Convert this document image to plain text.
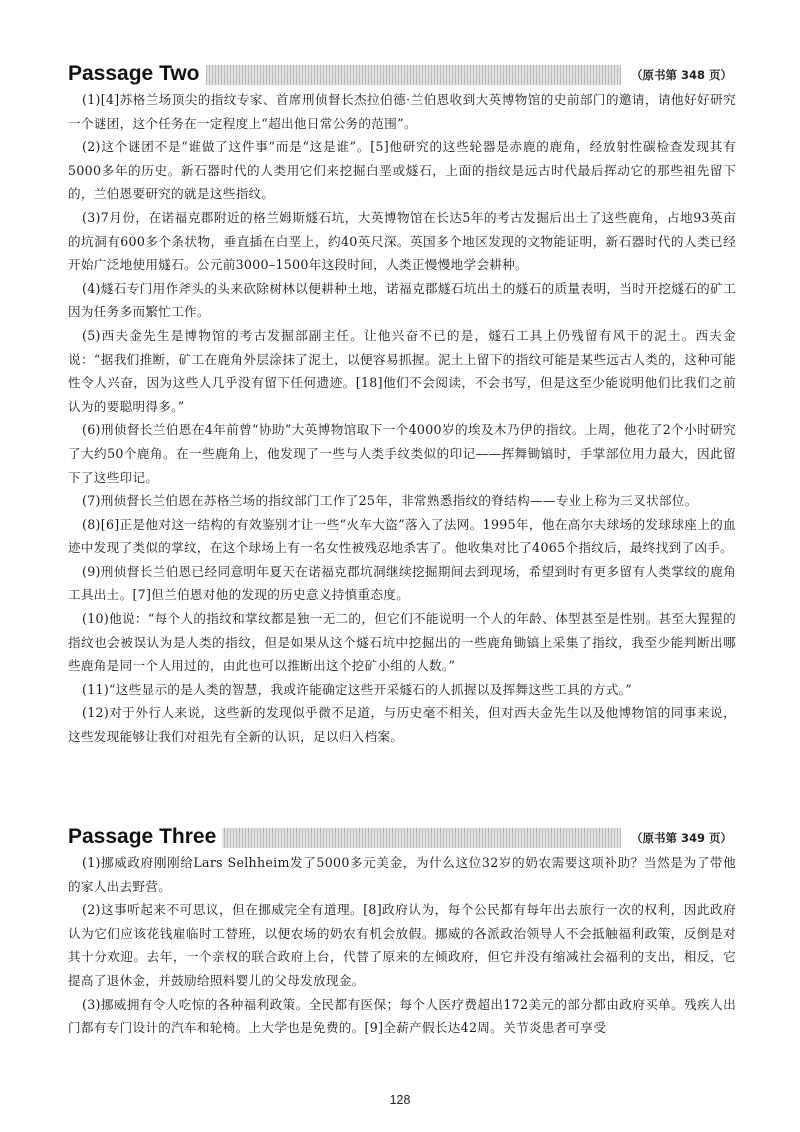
Passage Two	（原书第 348 页）

(1)[4]苏格兰场顶尖的指纹专家、首席刑侦督长杰拉伯德·兰伯恩收到大英博物馆的史前部门的邀请，请他好好研究一个谜团，这个任务在一定程度上“超出他日常公务的范围”。

(2)这个谜团不是“谁做了这件事”而是“这是谁”。[5]他研究的这些轮器是赤鹿的鹿角，经放射性碳检查发现其有5000多年的历史。新石器时代的人类用它们来挖掘白垩或燧石，上面的指纹是远古时代最后挥动它的那些祖先留下的，兰伯恩要研究的就是这些指纹。

(3)7月份，在诺福克郡附近的格兰姆斯燧石坑，大英博物馆在长达5年的考古发掘后出土了这些鹿角，占地93英亩的坑洞有600多个条状物，垂直插在白垩上，约40英尺深。英国多个地区发现的文物能证明，新石器时代的人类已经开始广泛地使用燧石。公元前3000–1500年这段时间，人类正慢慢地学会耕种。

(4)燧石专门用作斧头的头来砍除树林以便耕种土地，诺福克郡燧石坑出土的燧石的质量表明，当时开挖燧石的矿工因为任务多而繁忙工作。

(5)西夫金先生是博物馆的考古发掘部副主任。让他兴奋不已的是，燧石工具上仍残留有风干的泥土。西夫金说：“据我们推断，矿工在鹿角外层涂抹了泥土，以便容易抓握。泥土上留下的指纹可能是某些远古人类的，这种可能性令人兴奋，因为这些人几乎没有留下任何遗迹。[18]他们不会阅读，不会书写，但是这至少能说明他们比我们之前认为的要聪明得多。”

(6)刑侦督长兰伯恩在4年前曾“协助”大英博物馆取下一个4000岁的埃及木乃伊的指纹。上周，他花了2个小时研究了大约50个鹿角。在一些鹿角上，他发现了一些与人类手纹类似的印记——挥舞锄镐时，手掌部位用力最大，因此留下了这些印记。

(7)刑侦督长兰伯恩在苏格兰场的指纹部门工作了25年，非常熟悉指纹的脊结构——专业上称为三叉状部位。

(8)[6]正是他对这一结构的有效鉴别才让一些“火车大盗”落入了法网。1995年，他在高尔夫球场的发球球座上的血迹中发现了类似的掌纹，在这个球场上有一名女性被残忍地杀害了。他收集对比了4065个指纹后，最终找到了凶手。

(9)刑侦督长兰伯恩已经同意明年夏天在诺福克郡坑洞继续挖掘期间去到现场，希望到时有更多留有人类掌纹的鹿角工具出土。[7]但兰伯恩对他的发现的历史意义持慎重态度。

(10)他说：“每个人的指纹和掌纹都是独一无二的，但它们不能说明一个人的年龄、体型甚至是性别。甚至大猩猩的指纹也会被误认为是人类的指纹，但是如果从这个燧石坑中挖掘出的一些鹿角锄镐上采集了指纹，我至少能判断出哪些鹿角是同一个人用过的，由此也可以推断出这个挖矿小组的人数。”

(11)“这些显示的是人类的智慧，我或许能确定这些开采燧石的人抓握以及挥舞这些工具的方式。”

(12)对于外行人来说，这些新的发现似乎微不足道，与历史毫不相关，但对西夫金先生以及他博物馆的同事来说，这些发现能够让我们对祖先有全新的认识，足以归入档案。

Passage Three	（原书第 349 页）

(1)挪威政府刚刚给Lars Selhheim发了5000多元美金，为什么这位32岁的奶农需要这项补助？当然是为了带他的家人出去野营。

(2)这事听起来不可思议，但在挪威完全有道理。[8]政府认为，每个公民都有每年出去旅行一次的权利，因此政府认为它们应该花钱雇临时工替班，以便农场的奶农有机会放假。挪威的各派政治领导人不会抵触福利政策，反倒是对其十分欢迎。去年，一个亲权的联合政府上台，代替了原来的左倾政府，但它并没有缩减社会福利的支出，相反，它提高了退休金，并鼓励给照料婴儿的父母发放现金。

(3)挪威拥有令人吃惊的各种福利政策。全民都有医保；每个人医疗费超出172美元的部分都由政府买单。残疾人出门都有专门设计的汽车和轮椅。上大学也是免费的。[9]全薪产假长达42周。关节炎患者可享受

128
